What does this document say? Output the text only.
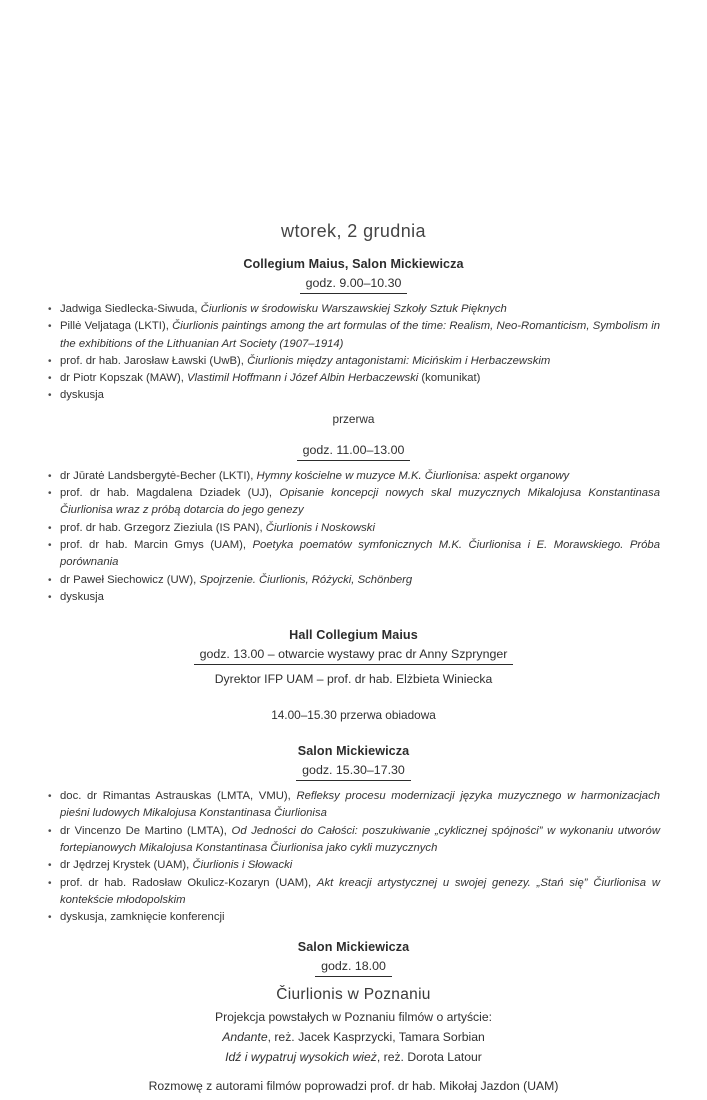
wtorek, 2 grudnia
Collegium Maius, Salon Mickiewicza
godz. 9.00–10.30
• Jadwiga Siedlecka-Siwuda, Čiurlionis w środowisku Warszawskiej Szkoły Sztuk Pięknych
• Pillė Veljataga (LKTI), Čiurlionis paintings among the art formulas of the time: Realism, Neo-Romanticism, Symbolism in the exhibitions of the Lithuanian Art Society (1907–1914)
• prof. dr hab. Jarosław Ławski (UwB), Čiurlionis między antagonistami: Micińskim i Herbaczewskim
• dr Piotr Kopszak (MAW), Vlastimil Hoffmann i Józef Albin Herbaczewski (komunikat)
• dyskusja

przerwa

godz. 11.00–13.00
• dr Jūratė Landsbergytė-Becher (LKTI), Hymny kościelne w muzyce M.K. Čiurlionisa: aspekt organowy
• prof. dr hab. Magdalena Dziadek (UJ), Opisanie koncepcji nowych skal muzycznych Mikalojusa Konstantinasa Čiurlionisa wraz z próbą dotarcia do jego genezy
• prof. dr hab. Grzegorz Zieziula (IS PAN), Čiurlionis i Noskowski
• prof. dr hab. Marcin Gmys (UAM), Poetyka poematów symfonicznych M.K. Čiurlionisa i E. Morawskiego. Próba porównania
• dr Paweł Siechowicz (UW), Spojrzenie. Čiurlionis, Różycki, Schönberg
• dyskusja
Hall Collegium Maius
godz. 13.00 – otwarcie wystawy prac dr Anny Szprynger

Dyrektor IFP UAM – prof. dr hab. Elżbieta Winiecka

14.00–15.30 przerwa obiadowa

Salon Mickiewicza
godz. 15.30–17.30
• doc. dr Rimantas Astrauskas (LMTA, VMU), Refleksy procesu modernizacji języka muzycznego w harmonizacjach pieśni ludowych Mikalojusa Konstantinasa Čiurlionisa
• dr Vincenzo De Martino (LMTA), Od Jedności do Całości: poszukiwanie „cyklicznej spójności” w wykonaniu utworów fortepianowych Mikalojusa Konstantinasa Čiurlionisa jako cykli muzycznych
• dr Jędrzej Krystek (UAM), Čiurlionis i Słowacki
• prof. dr hab. Radosław Okulicz-Kozaryn (UAM), Akt kreacji artystycznej u swojej genezy. „Stań się” Čiurlionisa w kontekście młodopolskim
• dyskusja, zamknięcie konferencji
Salon Mickiewicza
godz. 18.00
Čiurlionis w Poznaniu

Projekcja powstałych w Poznaniu filmów o artyście:

Andante, reż. Jacek Kasprzycki, Tamara Sorbian

Idź i wypatruj wysokich wież, reż. Dorota Latour

Rozmowę z autorami filmów poprowadzi prof. dr hab. Mikołaj Jazdon (UAM)
